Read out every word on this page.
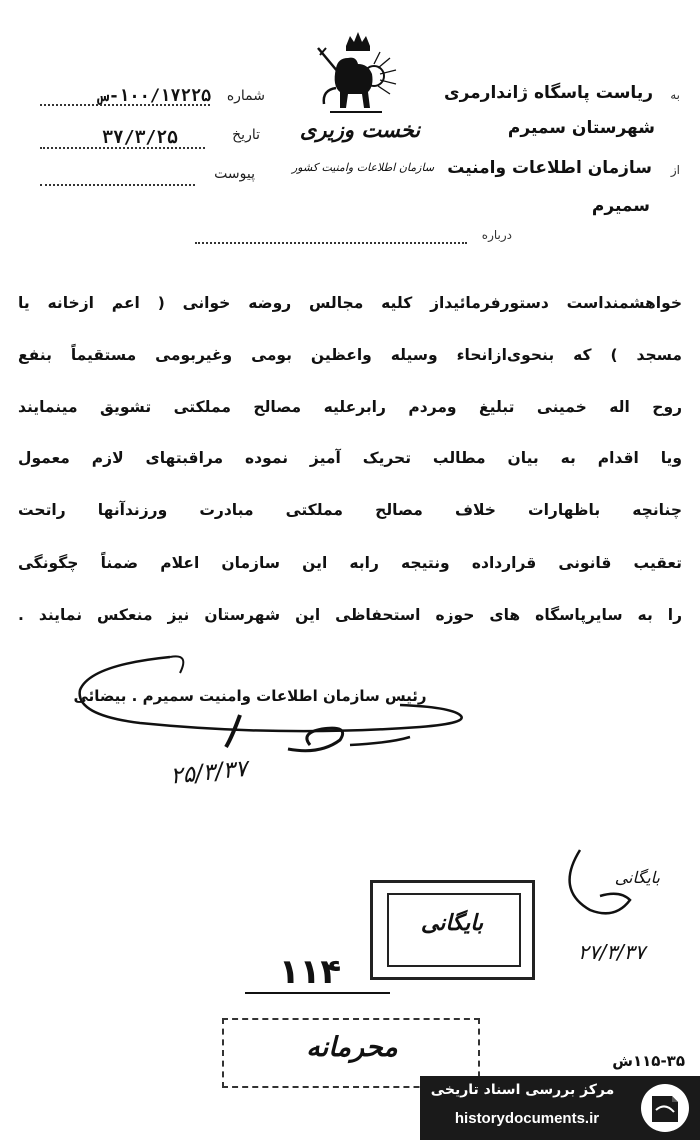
۱۰۰/۱۷۲۲۵-س	شماره
۳۷/۳/۲۵	تاریخ
پیوست
نخست وزیری
سازمان اطلاعات وامنیت کشور
به
ریاست پاسگاه ژاندارمری
شهرستان سمیرم
از
سازمان اطلاعات وامنیت
سمیرم
درباره
خواهشمنداست دستورفرمائیداز کلیه مجالس روضه خوانی ( اعم ازخانه یا
مسجد ) که بنحوی‌ازانحاء وسیله واعظین بومی وغیربومی مستقیماً بنفع
روح اله خمینی تبلیغ ومردم رابرعلیه مصالح مملکتی تشویق مینمایند
ویا اقدام به بیان مطالب تحریک آمیز نموده مراقبتهای لازم معمول
چنانچه باظهارات خلاف مصالح مملکتی مبادرت ورزندآنها راتحت
تعقیب قانونی قرارداده ونتیجه رابه این سازمان اعلام ضمناً چگونگی
را به سایرپاسگاه های حوزه استحفاظی این شهرستان نیز منعکس نمایند .
رئیس سازمان اطلاعات وامنیت سمیرم . بیضائی
۲۵/۳/۳۷
بایگانی
۲۷/۳/۳۷
بایگانی
۱۱۴
محرمانه	۱۱۵-۳۵ش
مرکز بررسی اسناد تاریخی
historydocuments.ir
